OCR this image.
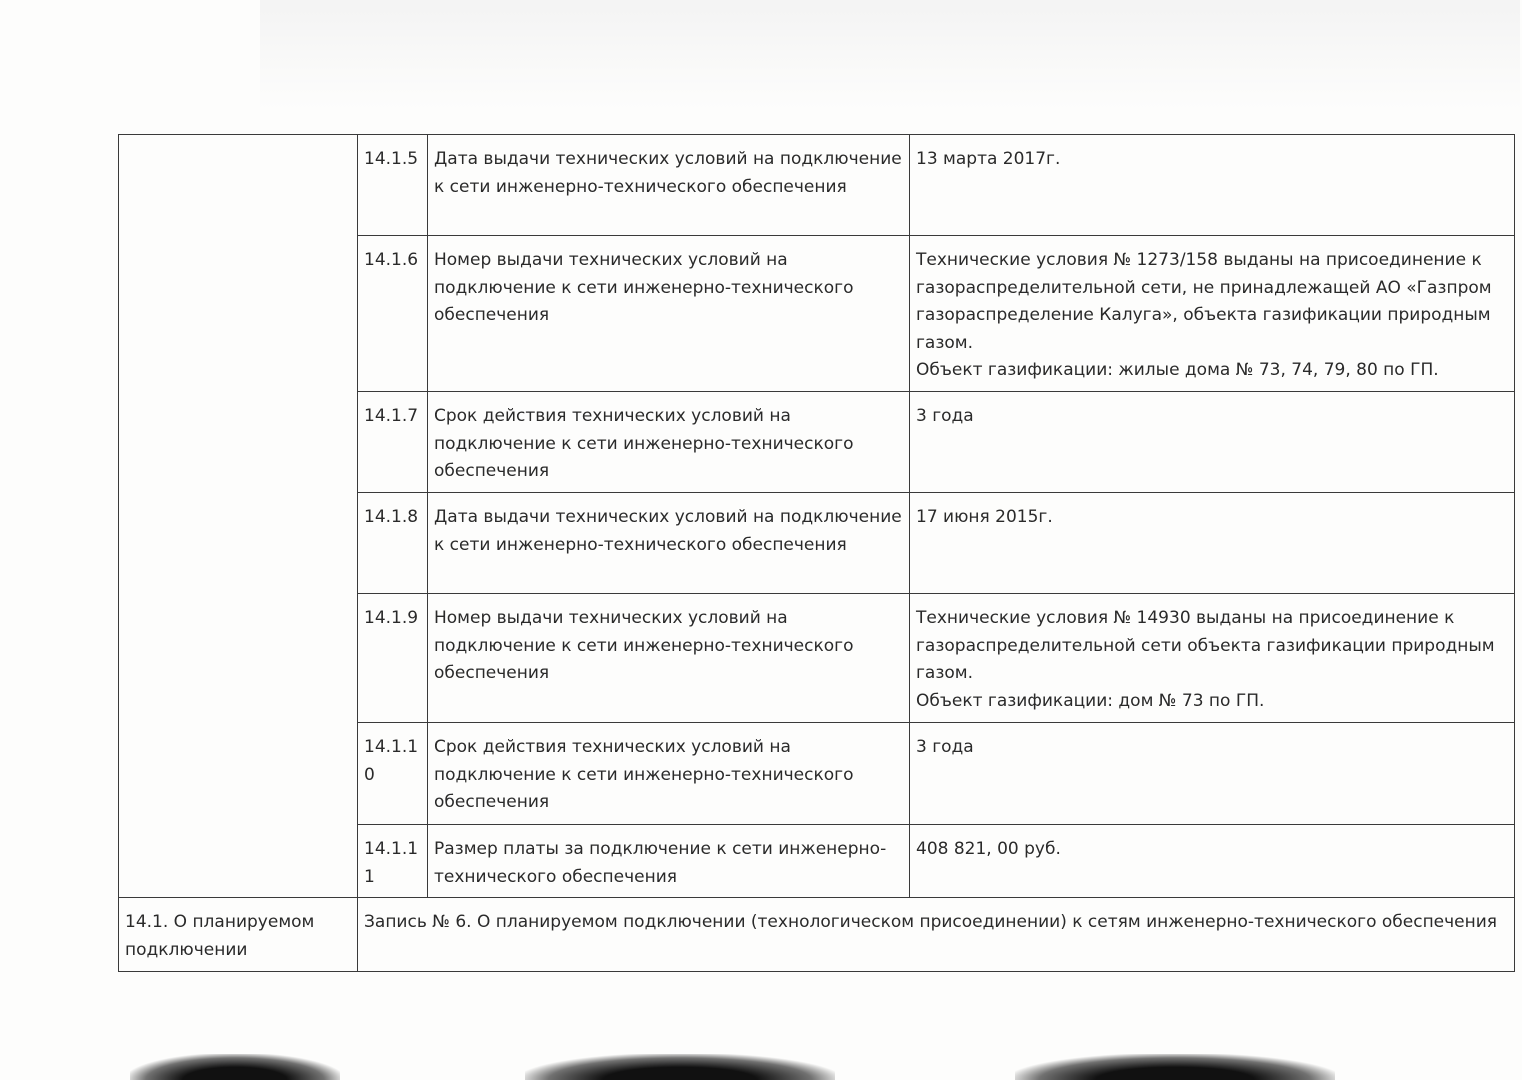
	14.1.5	Дата выдачи технических условий на подключение к сети инженерно-технического обеспечения	13 марта 2017г.
	14.1.6	Номер выдачи технических условий на подключение к сети инженерно-технического обеспечения	Технические условия № 1273/158 выданы на присоединение к газораспределительной сети, не принадлежащей АО «Газпром газораспределение Калуга», объекта газификации природным газом.
Объект газификации: жилые дома № 73, 74, 79, 80 по ГП.
	14.1.7	Срок действия технических условий на подключение к сети инженерно-технического обеспечения	3 года
	14.1.8	Дата выдачи технических условий на подключение к сети инженерно-технического обеспечения	17 июня 2015г.
	14.1.9	Номер выдачи технических условий на подключение к сети инженерно-технического обеспечения	Технические условия № 14930 выданы на присоединение к газораспределительной сети объекта газификации природным газом.
Объект газификации: дом № 73 по ГП.
	14.1.10	Срок действия технических условий на подключение к сети инженерно-технического обеспечения	3 года
	14.1.11	Размер платы за подключение к сети инженерно-технического обеспечения	408 821, 00 руб.
14.1. О планируемом подключении	Запись № 6. О планируемом подключении (технологическом присоединении) к сетям инженерно-технического обеспечения		
